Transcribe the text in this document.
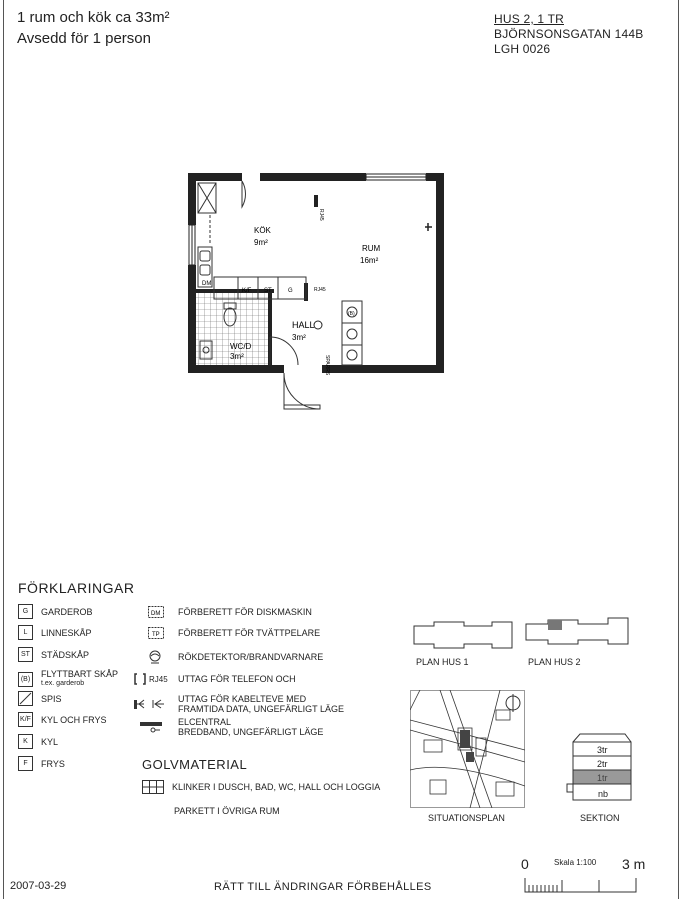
1 rum och kök ca 33m²
Avsedd för 1 person
HUS 2, 1 TR
BJÖRNSONSGATAN 144B
LGH 0026
DM
K/F ST	G
RJ45
RJ45
(B)
SPARRS
KÖK
9m²
RUM
16m²
HALL
3m²
WC/D
3m²
FÖRKLARINGAR
G	GARDEROB
L	LINNESKÅP
ST	STÄDSKÅP
(B)	FLYTTBART SKÅP
t.ex. garderob
SPIS
K/F KYL OCH FRYS
K	KYL
F	FRYS
DM FÖRBERETT FÖR DISKMASKIN
TP FÖRBERETT FÖR TVÄTTPELARE
RÖKDETEKTOR/BRANDVARNARE
RJ45 UTTAG FÖR TELEFON OCH
UTTAG FÖR KABELTEVE MED
FRAMTIDA DATA, UNGEFÄRLIGT LÄGE
ELCENTRAL
BREDBAND, UNGEFÄRLIGT LÄGE
GOLVMATERIAL
KLINKER I DUSCH, BAD, WC, HALL OCH LOGGIA
PARKETT I ÖVRIGA RUM
PLAN HUS 1	PLAN HUS 2
SITUATIONSPLAN
3tr
2tr
1tr
nb
SEKTION
0	Skala 1:100 3 m
2007-03-29	RÄTT TILL ÄNDRINGAR FÖRBEHÅLLES
